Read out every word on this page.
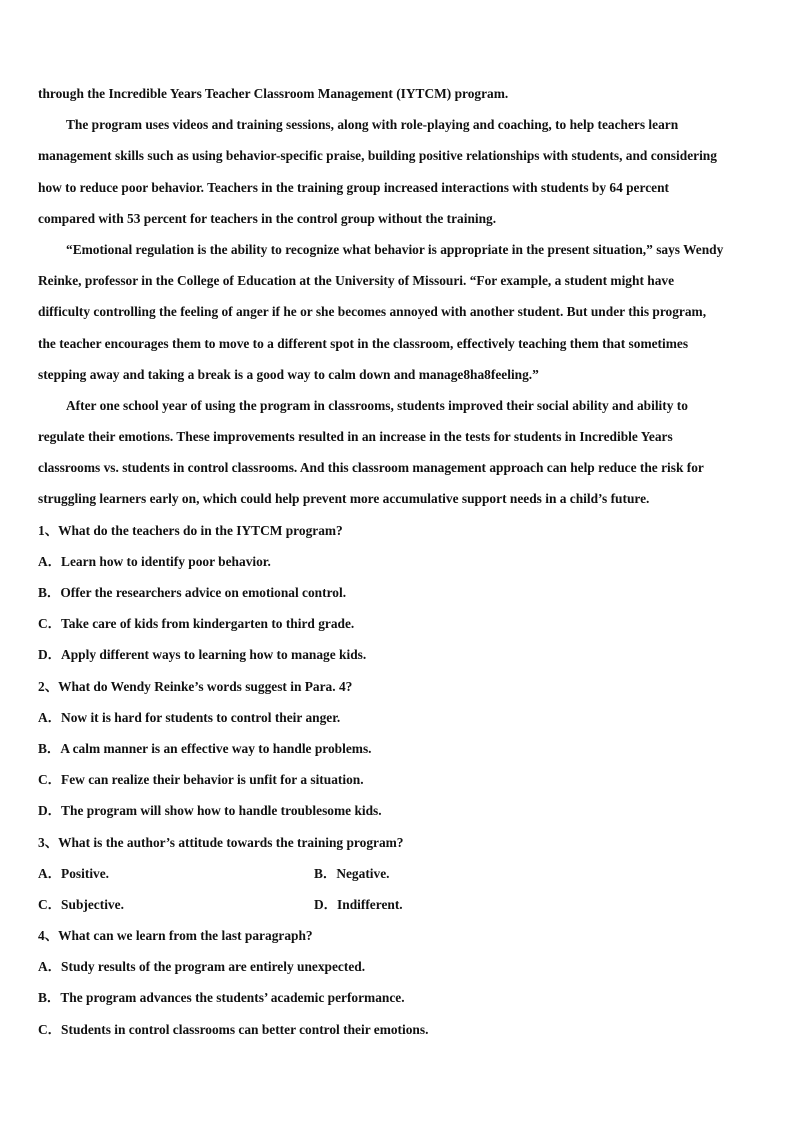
through the Incredible Years Teacher Classroom Management (IYTCM) program.
The program uses videos and training sessions, along with role-playing and coaching, to help teachers learn
management skills such as using behavior-specific praise, building positive relationships with students, and considering
how to reduce poor behavior. Teachers in the training group increased interactions with students by 64 percent
compared with 53 percent for teachers in the control group without the training.
“Emotional regulation is the ability to recognize what behavior is appropriate in the present situation,” says Wendy
Reinke, professor in the College of Education at the University of Missouri. “For example, a student might have
difficulty controlling the feeling of anger if he or she becomes annoyed with another student. But under this program,
the teacher encourages them to move to a different spot in the classroom, effectively teaching them that sometimes
stepping away and taking a break is a good way to calm down and manage8ha8feeling.”
After one school year of using the program in classrooms, students improved their social ability and ability to
regulate their emotions. These improvements resulted in an increase in the tests for students in Incredible Years
classrooms vs. students in control classrooms. And this classroom management approach can help reduce the risk for
struggling learners early on, which could help prevent more accumulative support needs in a child’s future.
1、What do the teachers do in the IYTCM program?
A．Learn how to identify poor behavior.
B．Offer the researchers advice on emotional control.
C．Take care of kids from kindergarten to third grade.
D．Apply different ways to learning how to manage kids.
2、What do Wendy Reinke’s words suggest in Para. 4?
A．Now it is hard for students to control their anger.
B．A calm manner is an effective way to handle problems.
C．Few can realize their behavior is unfit for a situation.
D．The program will show how to handle troublesome kids.
3、What is the author’s attitude towards the training program?
A．Positive.	B．Negative.
C．Subjective.	D．Indifferent.
4、What can we learn from the last paragraph?
A．Study results of the program are entirely unexpected.
B．The program advances the students’ academic performance.
C．Students in control classrooms can better control their emotions.
